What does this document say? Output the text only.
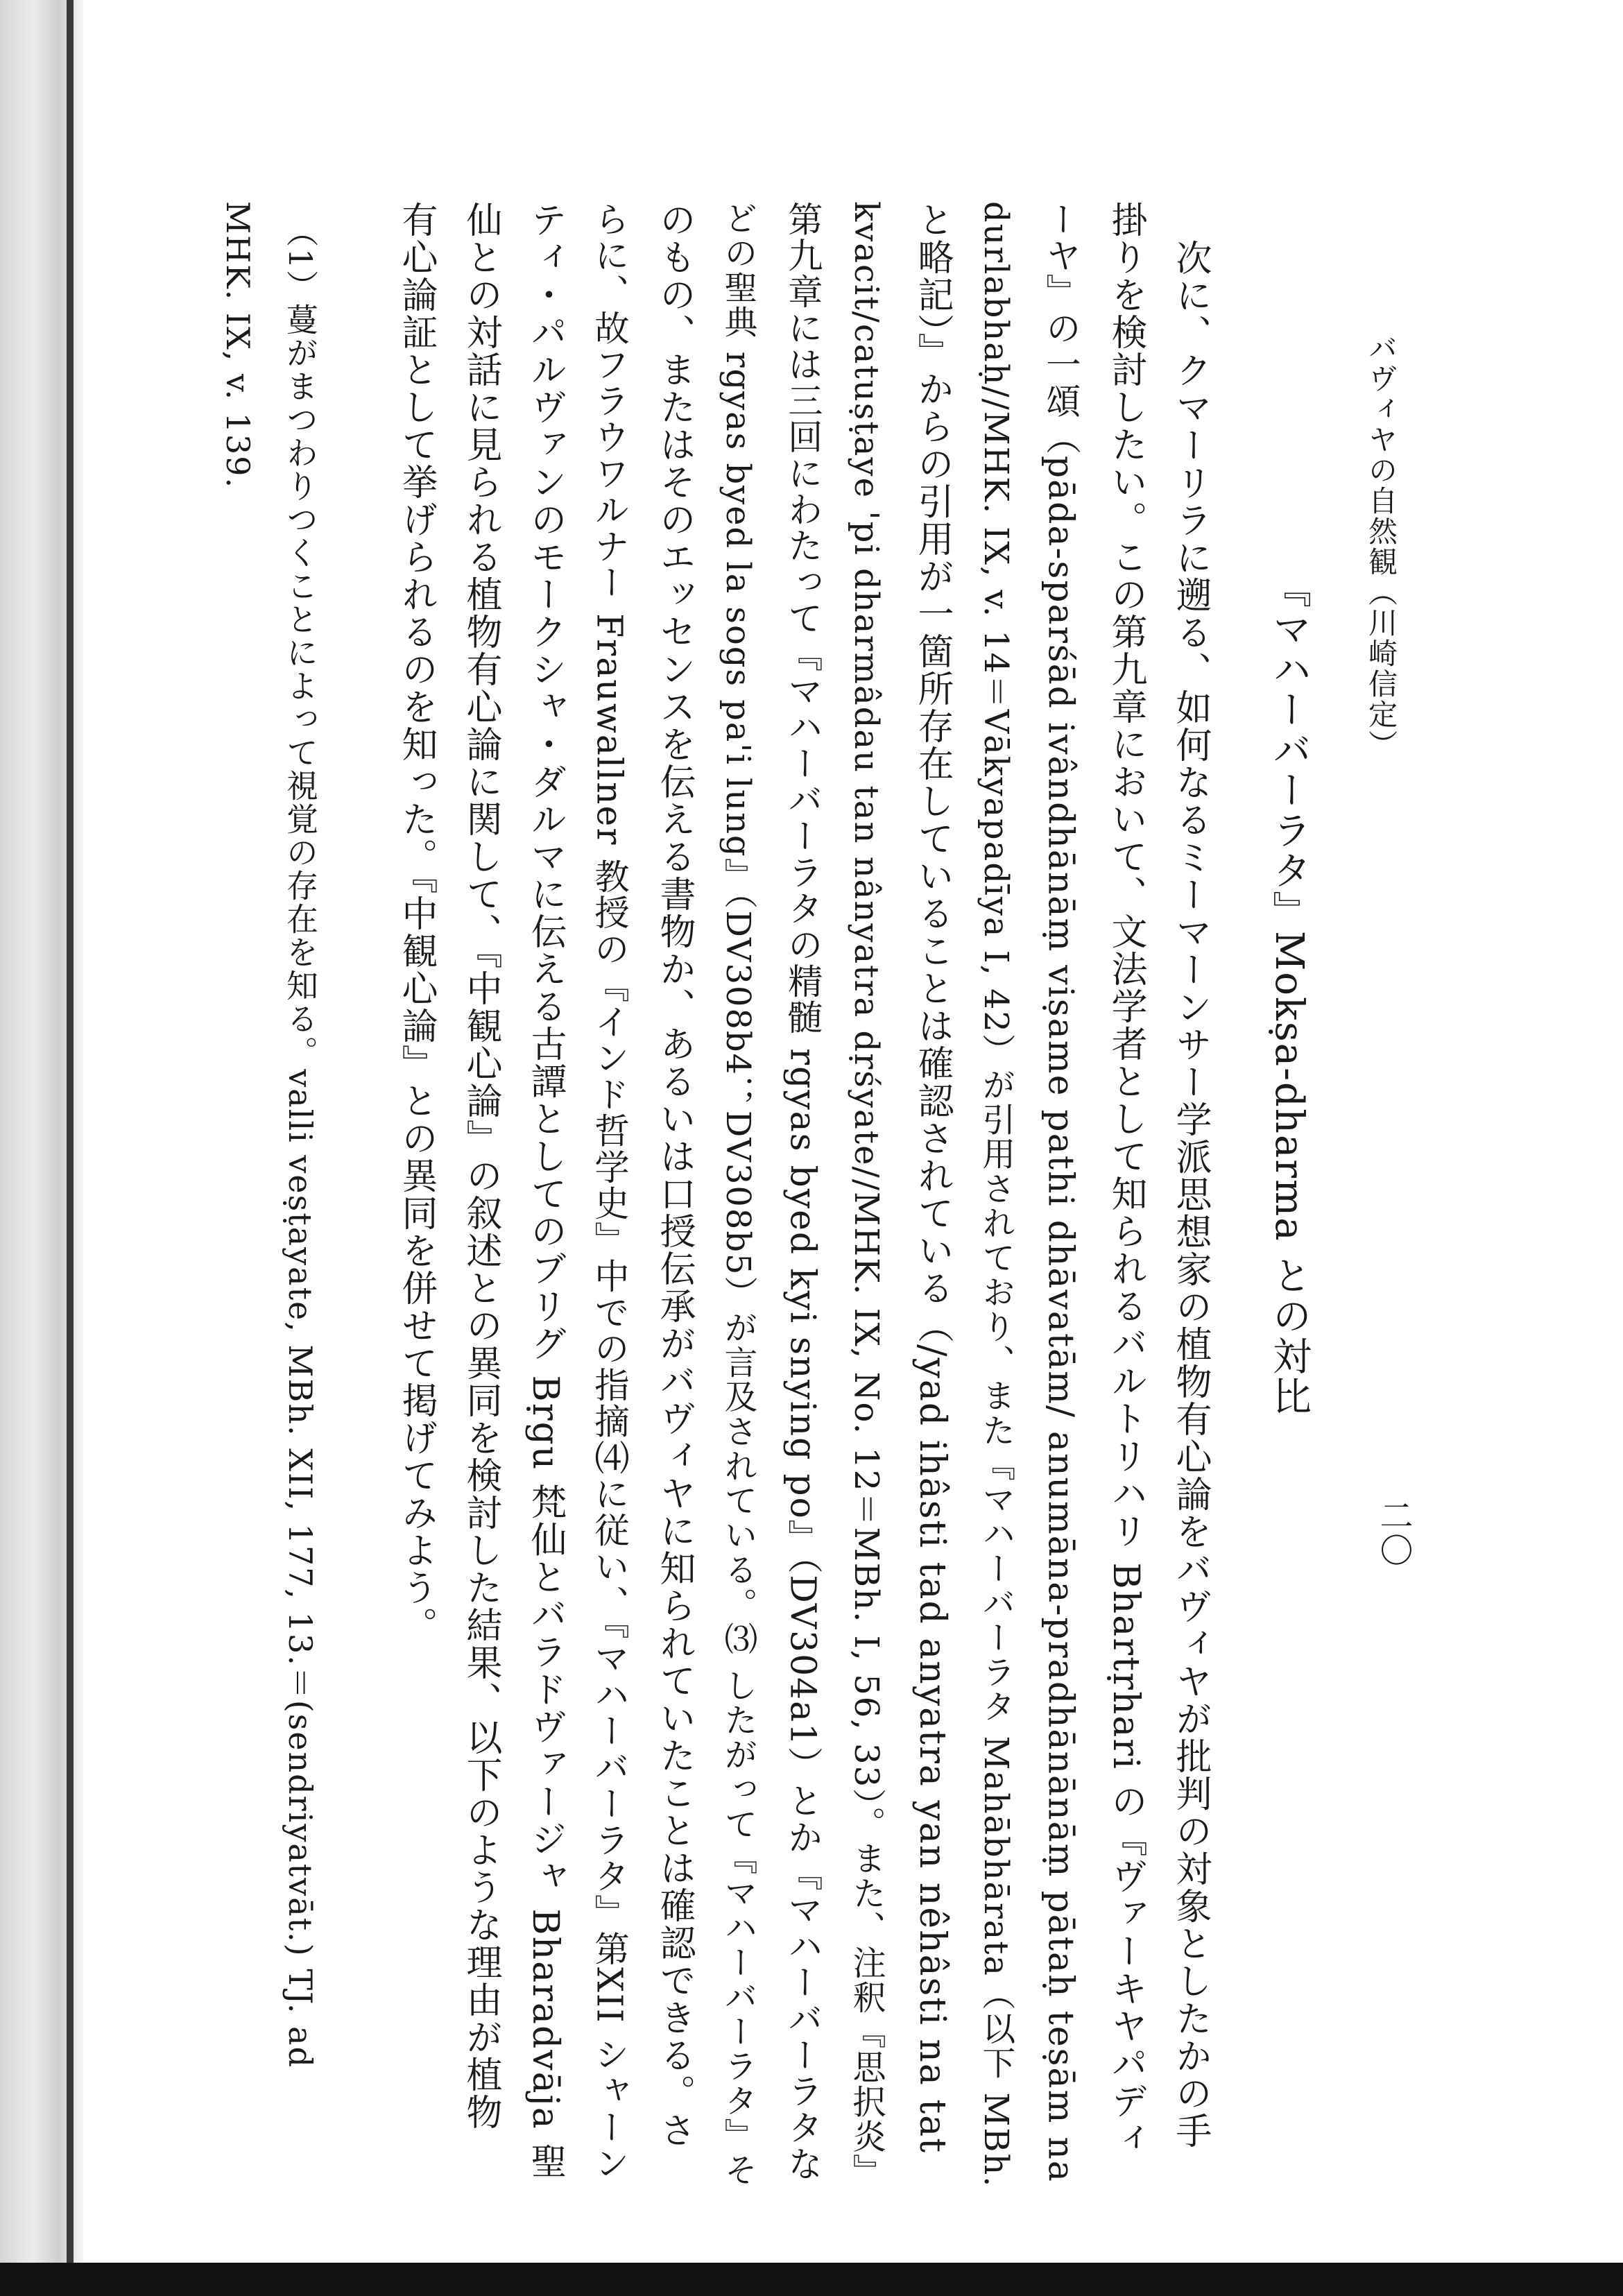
バヴィヤの自然観（川崎信定）
二〇
『マハーバーラタ』Mokṣa-dharma との対比
次に、クマーリラに遡る、如何なるミーマーンサー学派思想家の植物有心論をバヴィヤが批判の対象としたかの手
掛りを検討したい。この第九章において、文法学者として知られるバルトリハリ Bhartṛhari の『ヴァーキヤパディ
ーヤ』の一頌（pāda-sparśād ivândhānāṃ viṣame pathi dhāvatām/ anumāna-pradhānānāṃ pātaḥ teṣām na
durlabhaḥ//MHK. IX, v. 14＝Vākyapadīya I, 42）が引用されており、また『マハーバーラタ Mahābhārata（以下 MBh.
と略記）』からの引用が一箇所存在していることは確認されている（/yad ihâsti tad anyatra yan nêhâsti na tat
kvacit/catuṣṭaye 'pi dharmâdau tan nânyatra dṛśyate//MHK. IX, No. 12＝MBh. I, 56, 33）。また、注釈『思択炎』
第九章には三回にわたって『マハーバーラタの精髄 rgyas byed kyi snying po』（DV304a1）とか『マハーバーラタな
どの聖典 rgyas byed la sogs pa'i lung』（DV308b4；DV308b5）が言及されている。⑶ したがって『マハーバーラタ』そ
のもの、またはそのエッセンスを伝える書物か、あるいは口授伝承がバヴィヤに知られていたことは確認できる。さ
らに、故フラウワルナー Frauwallner 教授の『インド哲学史』中での指摘⑷に従い、『マハーバーラタ』第XII シャーン
ティ・パルヴァンのモークシャ・ダルマに伝える古譚としてのブリグ Bṛgu 梵仙とバラドヴァージャ Bharadvāja 聖
仙との対話に見られる植物有心論に関して、『中観心論』の叙述との異同を検討した結果、以下のような理由が植物
有心論証として挙げられるのを知った。『中観心論』との異同を併せて掲げてみよう。
（1）蔓がまつわりつくことによって視覚の存在を知る。valli veṣṭayate, MBh. XII, 177, 13.＝(sendriyatvāt.) TJ. ad
MHK. IX, v. 139.
